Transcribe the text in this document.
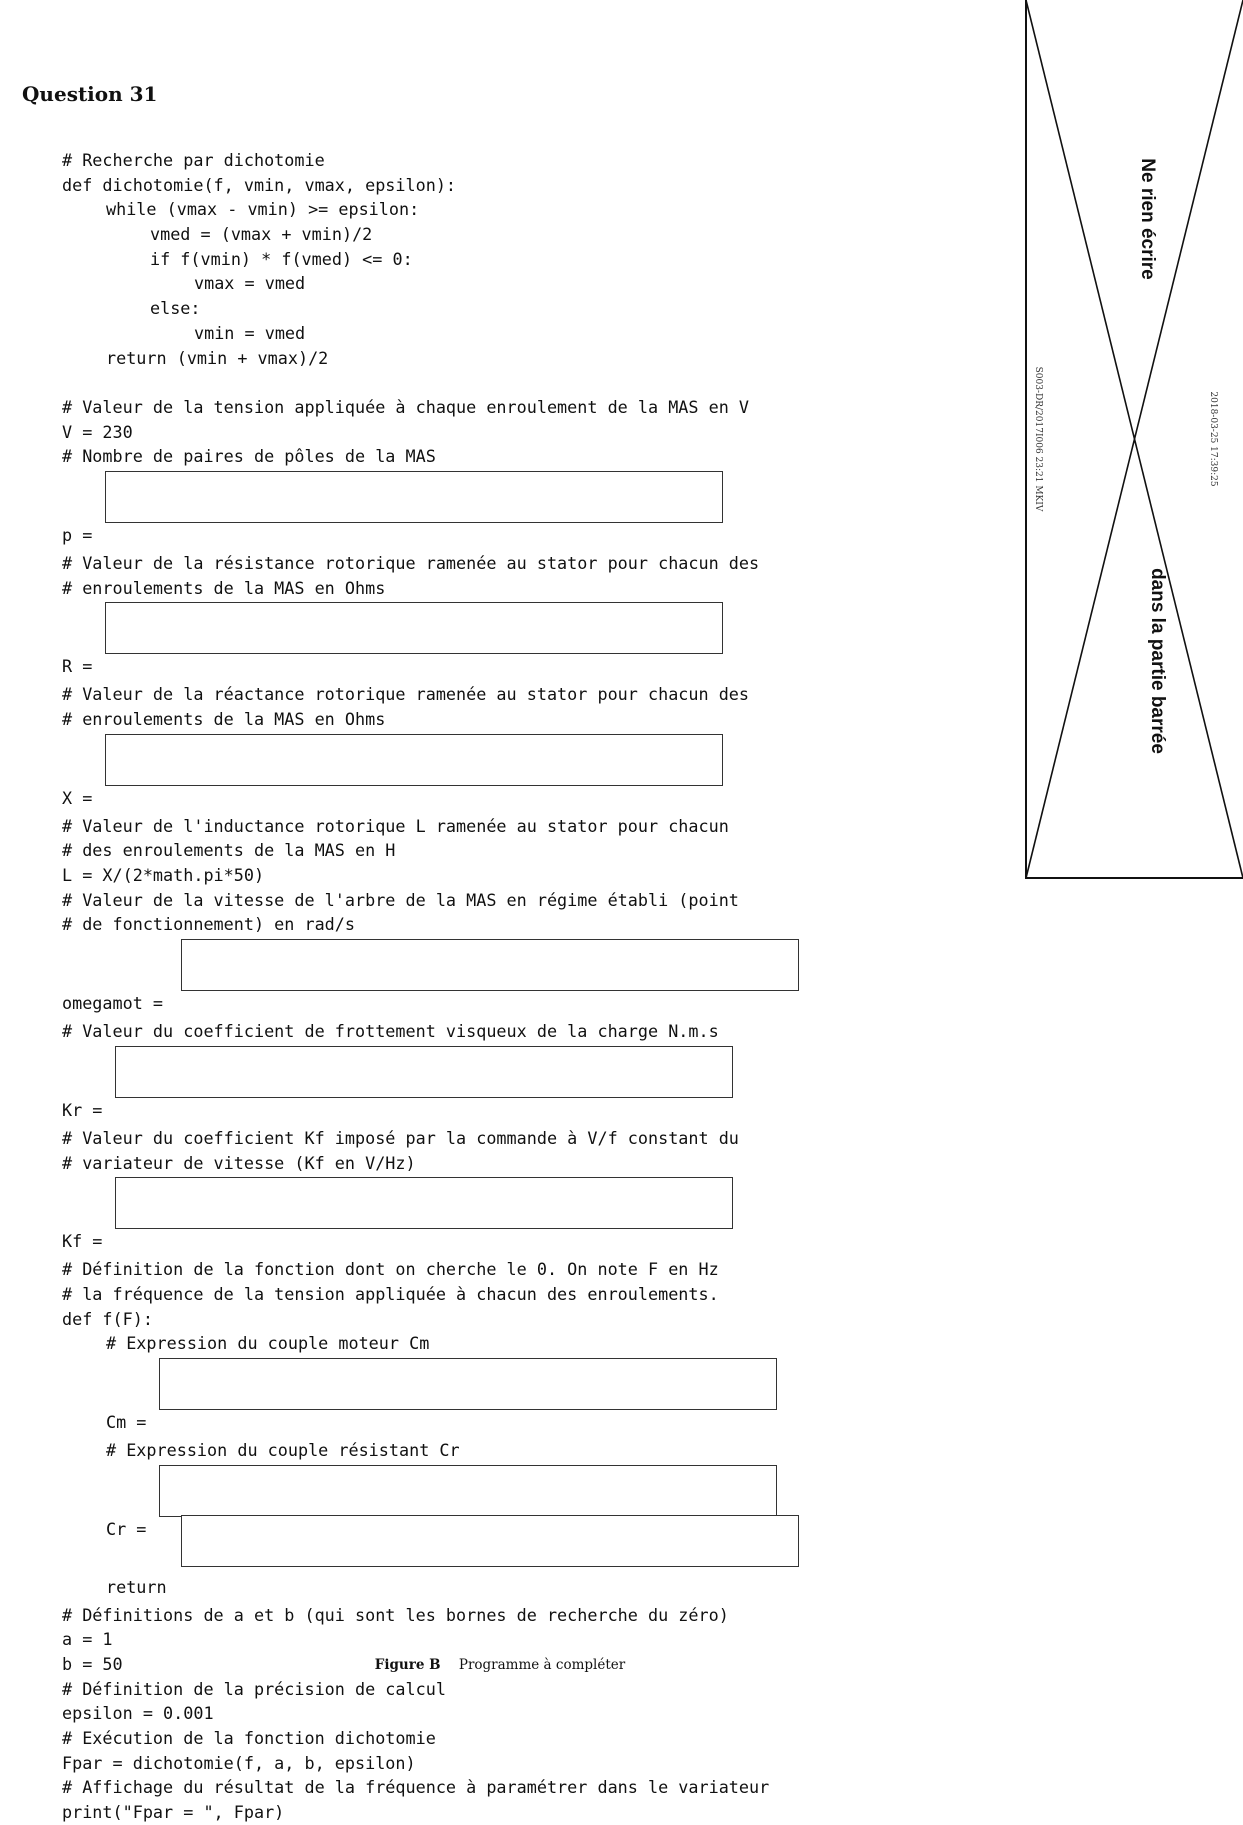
Question 31
# Recherche par dichotomie
def dichotomie(f, vmin, vmax, epsilon):
while (vmax - vmin) >= epsilon:
vmed = (vmax + vmin)/2
if f(vmin) * f(vmed) <= 0:
vmax = vmed
else:
vmin = vmed
return (vmin + vmax)/2
# Valeur de la tension appliquée à chaque enroulement de la MAS en V
V = 230
# Nombre de paires de pôles de la MAS

p =

# Valeur de la résistance rotorique ramenée au stator pour chacun des
# enroulements de la MAS en Ohms

R =

# Valeur de la réactance rotorique ramenée au stator pour chacun des
# enroulements de la MAS en Ohms

X =

# Valeur de l'inductance rotorique L ramenée au stator pour chacun
# des enroulements de la MAS en H
L = X/(2*math.pi*50)
# Valeur de la vitesse de l'arbre de la MAS en régime établi (point
# de fonctionnement) en rad/s

omegamot =

# Valeur du coefficient de frottement visqueux de la charge N.m.s

Kr =

# Valeur du coefficient Kf imposé par la commande à V/f constant du
# variateur de vitesse (Kf en V/Hz)

Kf =

# Définition de la fonction dont on cherche le 0. On note F en Hz
# la fréquence de la tension appliquée à chacun des enroulements.
def f(F):
# Expression du couple moteur Cm

Cm =

# Expression du couple résistant Cr

Cr =

return

# Définitions de a et b (qui sont les bornes de recherche du zéro)
a = 1
b = 50
# Définition de la précision de calcul
epsilon = 0.001
# Exécution de la fonction dichotomie
Fpar = dichotomie(f, a, b, epsilon)
# Affichage du résultat de la fréquence à paramétrer dans le variateur
print("Fpar = ", Fpar)
Ne rien écrire
dans la partie barrée
S003-DR/2017I006 23:21 MKIV	2018-03-25 17:39:25
Figure B Programme à compléter
